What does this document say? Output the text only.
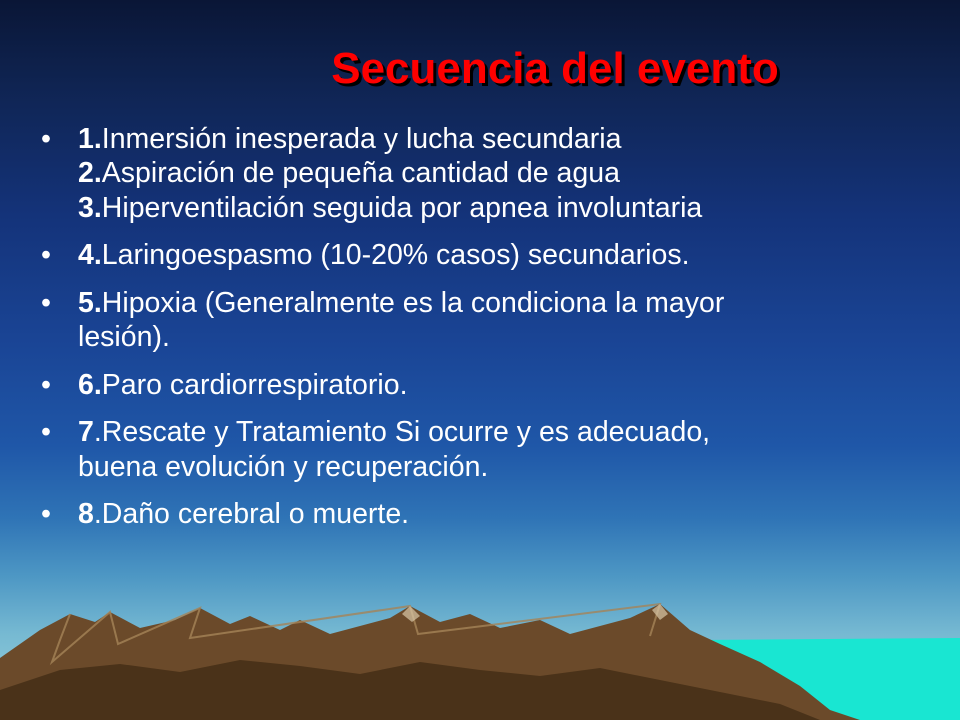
Secuencia del evento
• 1.Inmersión inesperada y lucha secundaria
2.Aspiración de pequeña cantidad de agua
3.Hiperventilación seguida por apnea involuntaria
• 4.Laringoespasmo (10-20% casos) secundarios.
• 5.Hipoxia (Generalmente es la condiciona la mayor
lesión).
• 6.Paro cardiorrespiratorio.
• 7.Rescate y Tratamiento Si ocurre y es adecuado,
buena evolución y recuperación.
• 8.Daño cerebral o muerte.
